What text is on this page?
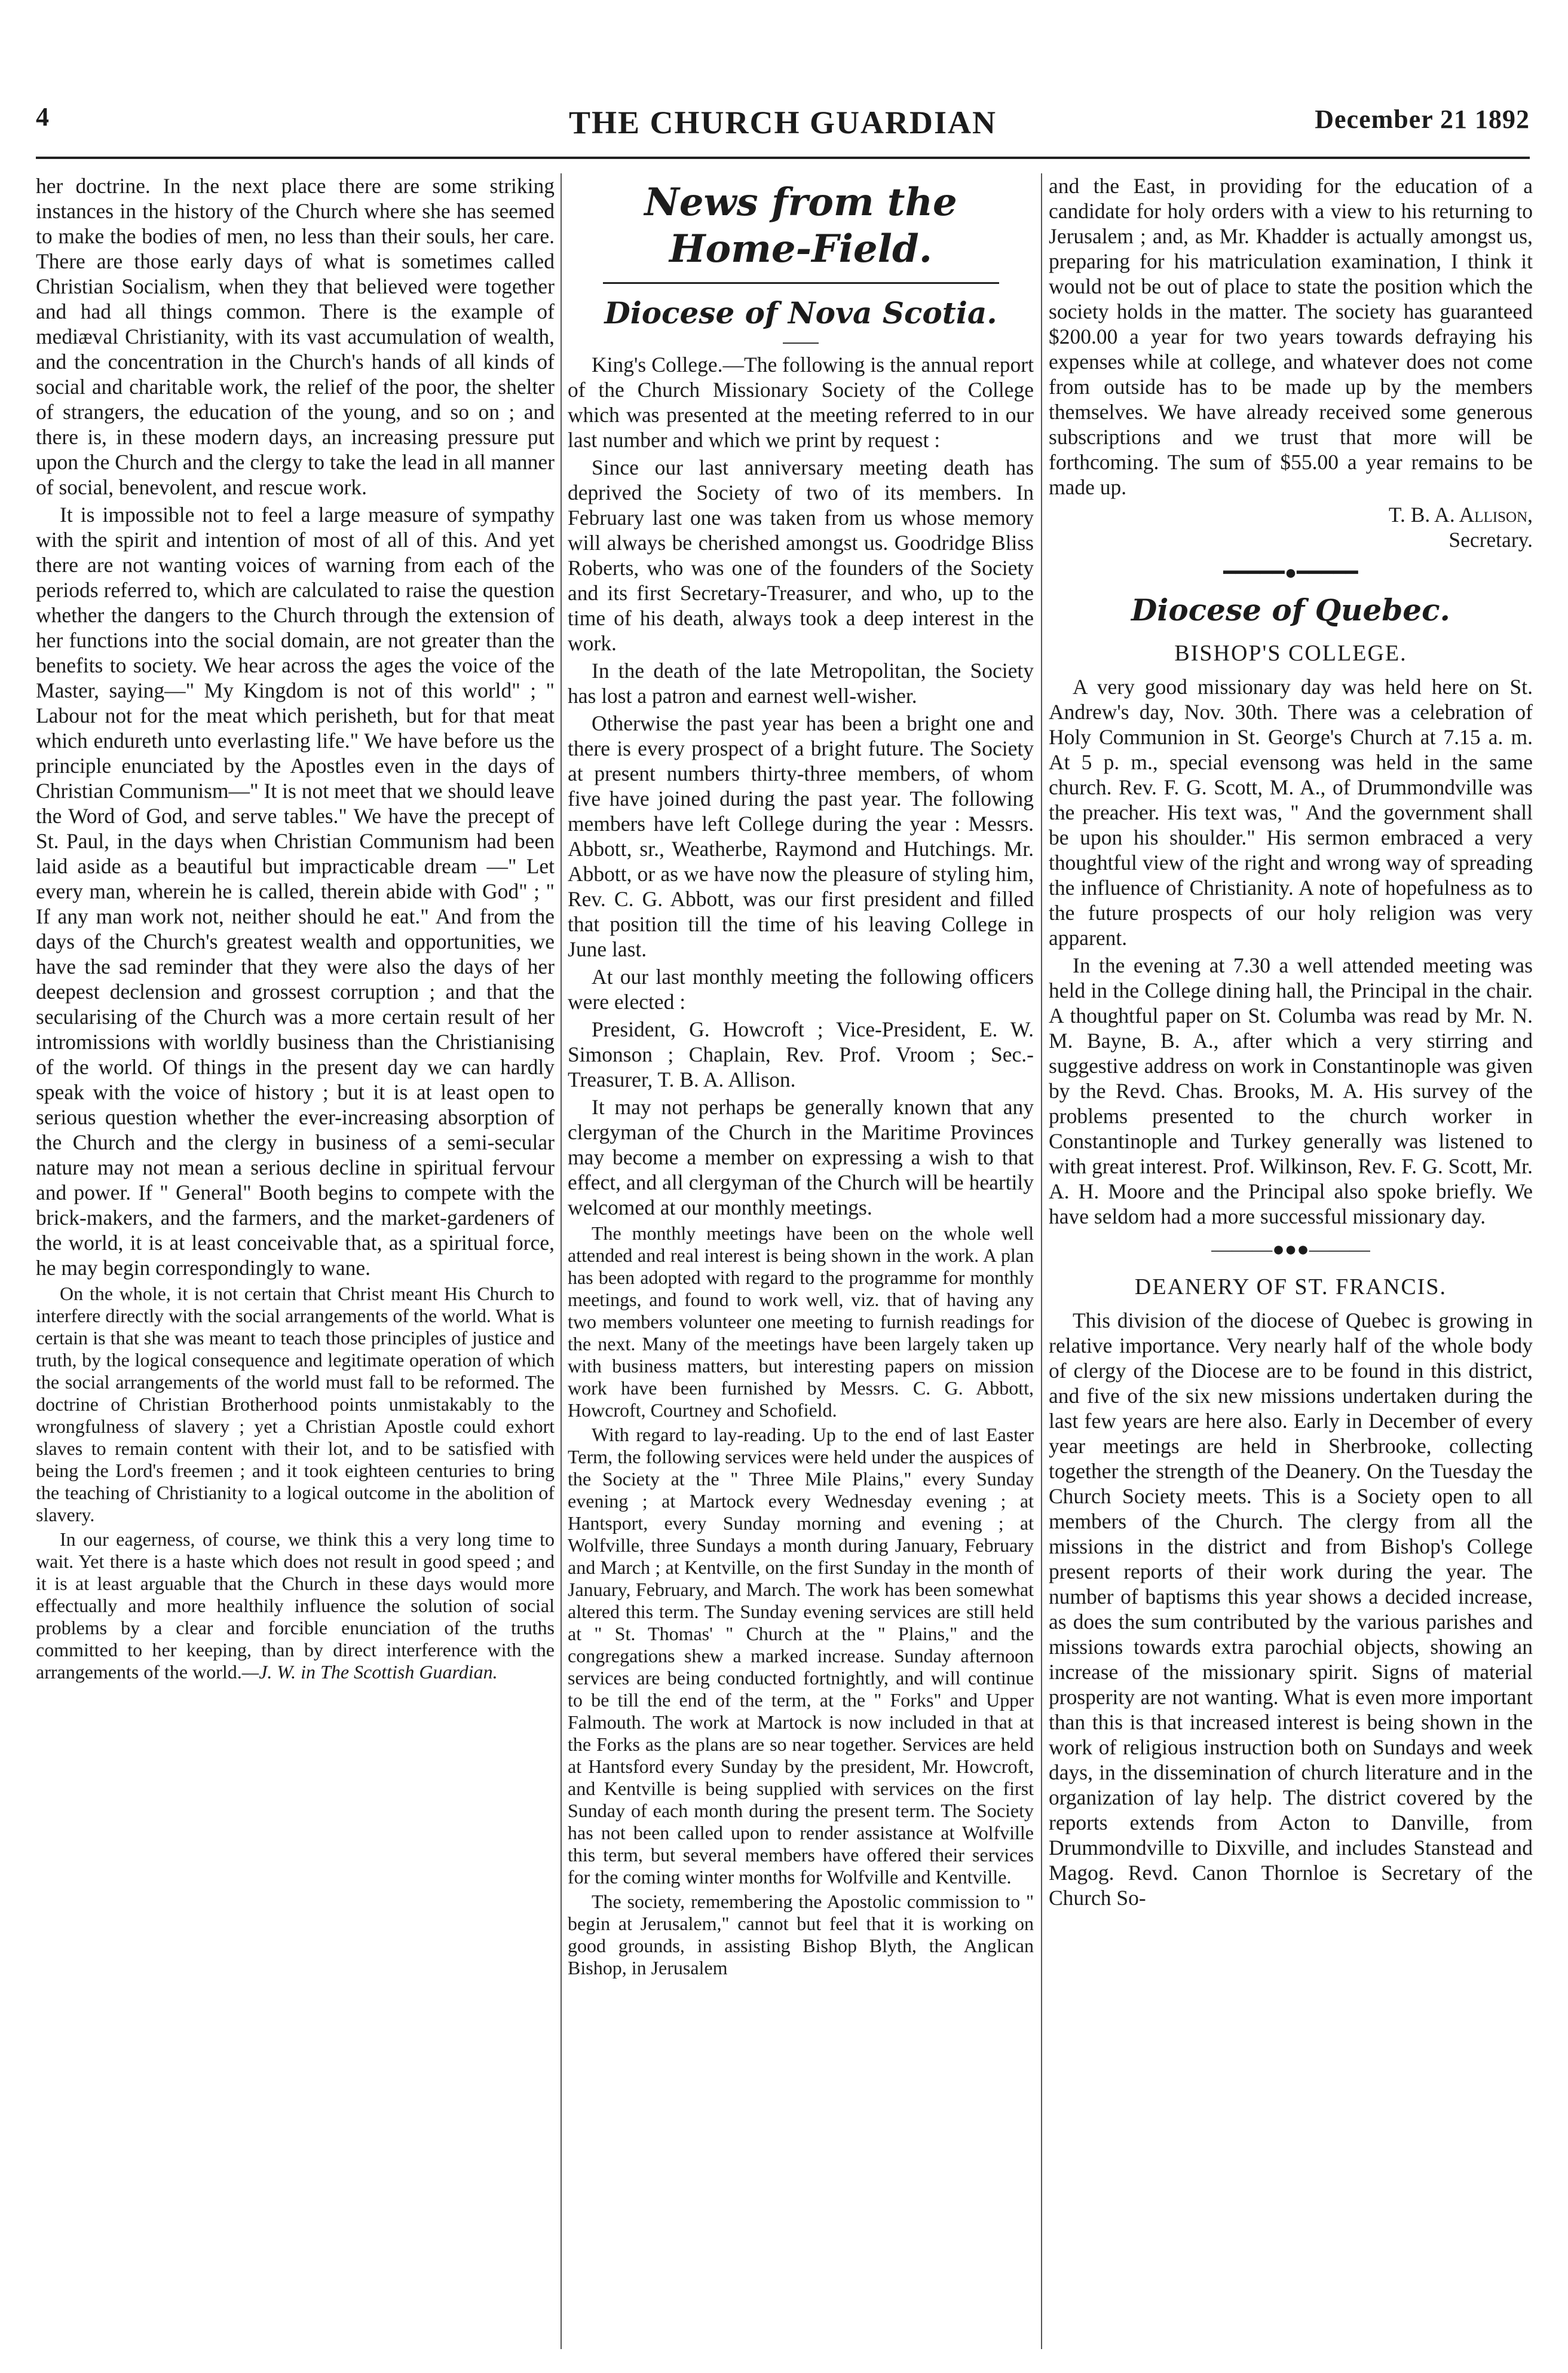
4	THE CHURCH GUARDIAN	December 21 1892

her doctrine. In the next place there are some striking instances in the history of the Church where she has seemed to make the bodies of men, no less than their souls, her care. There are those early days of what is sometimes called Christian Socialism, when they that believed were together and had all things common. There is the example of mediæval Christianity, with its vast accumulation of wealth, and the concentration in the Church's hands of all kinds of social and charitable work, the relief of the poor, the shelter of strangers, the education of the young, and so on ; and there is, in these modern days, an increasing pressure put upon the Church and the clergy to take the lead in all manner of social, benevolent, and rescue work.

It is impossible not to feel a large measure of sympathy with the spirit and intention of most of all of this. And yet there are not wanting voices of warning from each of the periods referred to, which are calculated to raise the question whether the dangers to the Church through the extension of her functions into the social domain, are not greater than the benefits to society. We hear across the ages the voice of the Master, saying—" My Kingdom is not of this world" ; " Labour not for the meat which perisheth, but for that meat which endureth unto everlasting life." We have before us the principle enunciated by the Apostles even in the days of Christian Communism—" It is not meet that we should leave the Word of God, and serve tables." We have the precept of St. Paul, in the days when Christian Communism had been laid aside as a beautiful but impracticable dream —" Let every man, wherein he is called, therein abide with God" ; " If any man work not, neither should he eat." And from the days of the Church's greatest wealth and opportunities, we have the sad reminder that they were also the days of her deepest declension and grossest corruption ; and that the secularising of the Church was a more certain result of her intromissions with worldly business than the Christianising of the world. Of things in the present day we can hardly speak with the voice of history ; but it is at least open to serious question whether the ever-increasing absorption of the Church and the clergy in business of a semi-secular nature may not mean a serious decline in spiritual fervour and power. If " General" Booth begins to compete with the brick-makers, and the farmers, and the market-gardeners of the world, it is at least conceivable that, as a spiritual force, he may begin correspondingly to wane.

On the whole, it is not certain that Christ meant His Church to interfere directly with the social arrangements of the world. What is certain is that she was meant to teach those principles of justice and truth, by the logical consequence and legitimate operation of which the social arrangements of the world must fall to be reformed. The doctrine of Christian Brotherhood points unmistakably to the wrongfulness of slavery ; yet a Christian Apostle could exhort slaves to remain content with their lot, and to be satisfied with being the Lord's freemen ; and it took eighteen centuries to bring the teaching of Christianity to a logical outcome in the abolition of slavery.

In our eagerness, of course, we think this a very long time to wait. Yet there is a haste which does not result in good speed ; and it is at least arguable that the Church in these days would more effectually and more healthily influence the solution of social problems by a clear and forcible enunciation of the truths committed to her keeping, than by direct interference with the arrangements of the world.—J. W. in The Scottish Guardian.

News from the Home-Field.
Diocese of Nova Scotia.

King's College.—The following is the annual report of the Church Missionary Society of the College which was presented at the meeting referred to in our last number and which we print by request :

Since our last anniversary meeting death has deprived the Society of two of its members. In February last one was taken from us whose memory will always be cherished amongst us. Goodridge Bliss Roberts, who was one of the founders of the Society and its first Secretary-Treasurer, and who, up to the time of his death, always took a deep interest in the work.

In the death of the late Metropolitan, the Society has lost a patron and earnest well-wisher.

Otherwise the past year has been a bright one and there is every prospect of a bright future. The Society at present numbers thirty-three members, of whom five have joined during the past year. The following members have left College during the year : Messrs. Abbott, sr., Weatherbe, Raymond and Hutchings. Mr. Abbott, or as we have now the pleasure of styling him, Rev. C. G. Abbott, was our first president and filled that position till the time of his leaving College in June last.

At our last monthly meeting the following officers were elected :

President, G. Howcroft ; Vice-President, E. W. Simonson ; Chaplain, Rev. Prof. Vroom ; Sec.-Treasurer, T. B. A. Allison.

It may not perhaps be generally known that any clergyman of the Church in the Maritime Provinces may become a member on expressing a wish to that effect, and all clergyman of the Church will be heartily welcomed at our monthly meetings.

The monthly meetings have been on the whole well attended and real interest is being shown in the work. A plan has been adopted with regard to the programme for monthly meetings, and found to work well, viz. that of having any two members volunteer one meeting to furnish readings for the next. Many of the meetings have been largely taken up with business matters, but interesting papers on mission work have been furnished by Messrs. C. G. Abbott, Howcroft, Courtney and Schofield.

With regard to lay-reading. Up to the end of last Easter Term, the following services were held under the auspices of the Society at the " Three Mile Plains," every Sunday evening ; at Martock every Wednesday evening ; at Hantsport, every Sunday morning and evening ; at Wolfville, three Sundays a month during January, February and March ; at Kentville, on the first Sunday in the month of January, February, and March. The work has been somewhat altered this term. The Sunday evening services are still held at " St. Thomas' " Church at the " Plains," and the congregations shew a marked increase. Sunday afternoon services are being conducted fortnightly, and will continue to be till the end of the term, at the " Forks" and Upper Falmouth. The work at Martock is now included in that at the Forks as the plans are so near together. Services are held at Hantsford every Sunday by the president, Mr. Howcroft, and Kentville is being supplied with services on the first Sunday of each month during the present term. The Society has not been called upon to render assistance at Wolfville this term, but several members have offered their services for the coming winter months for Wolfville and Kentville.

The society, remembering the Apostolic commission to " begin at Jerusalem," cannot but feel that it is working on good grounds, in assisting Bishop Blyth, the Anglican Bishop, in Jerusalem

and the East, in providing for the education of a candidate for holy orders with a view to his returning to Jerusalem ; and, as Mr. Khadder is actually amongst us, preparing for his matriculation examination, I think it would not be out of place to state the position which the society holds in the matter. The society has guaranteed $200.00 a year for two years towards defraying his expenses while at college, and whatever does not come from outside has to be made up by the members themselves. We have already received some generous subscriptions and we trust that more will be forthcoming. The sum of $55.00 a year remains to be made up.

T. B. A. Allison,

Secretary.

━━━━━●━━━━━
Diocese of Quebec.
BISHOP'S COLLEGE.

A very good missionary day was held here on St. Andrew's day, Nov. 30th. There was a celebration of Holy Communion in St. George's Church at 7.15 a. m. At 5 p. m., special evensong was held in the same church. Rev. F. G. Scott, M. A., of Drummondville was the preacher. His text was, " And the government shall be upon his shoulder." His sermon embraced a very thoughtful view of the right and wrong way of spreading the influence of Christianity. A note of hopefulness as to the future prospects of our holy religion was very apparent.

In the evening at 7.30 a well attended meeting was held in the College dining hall, the Principal in the chair. A thoughtful paper on St. Columba was read by Mr. N. M. Bayne, B. A., after which a very stirring and suggestive address on work in Constantinople was given by the Revd. Chas. Brooks, M. A. His survey of the problems presented to the church worker in Constantinople and Turkey generally was listened to with great interest. Prof. Wilkinson, Rev. F. G. Scott, Mr. A. H. Moore and the Principal also spoke briefly. We have seldom had a more successful missionary day.

———●●●———
DEANERY OF ST. FRANCIS.

This division of the diocese of Quebec is growing in relative importance. Very nearly half of the whole body of clergy of the Diocese are to be found in this district, and five of the six new missions undertaken during the last few years are here also. Early in December of every year meetings are held in Sherbrooke, collecting together the strength of the Deanery. On the Tuesday the Church Society meets. This is a Society open to all members of the Church. The clergy from all the missions in the district and from Bishop's College present reports of their work during the year. The number of baptisms this year shows a decided increase, as does the sum contributed by the various parishes and missions towards extra parochial objects, showing an increase of the missionary spirit. Signs of material prosperity are not wanting. What is even more important than this is that increased interest is being shown in the work of religious instruction both on Sundays and week days, in the dissemination of church literature and in the organization of lay help. The district covered by the reports extends from Acton to Danville, from Drummondville to Dixville, and includes Stanstead and Magog. Revd. Canon Thornloe is Secretary of the Church So-
